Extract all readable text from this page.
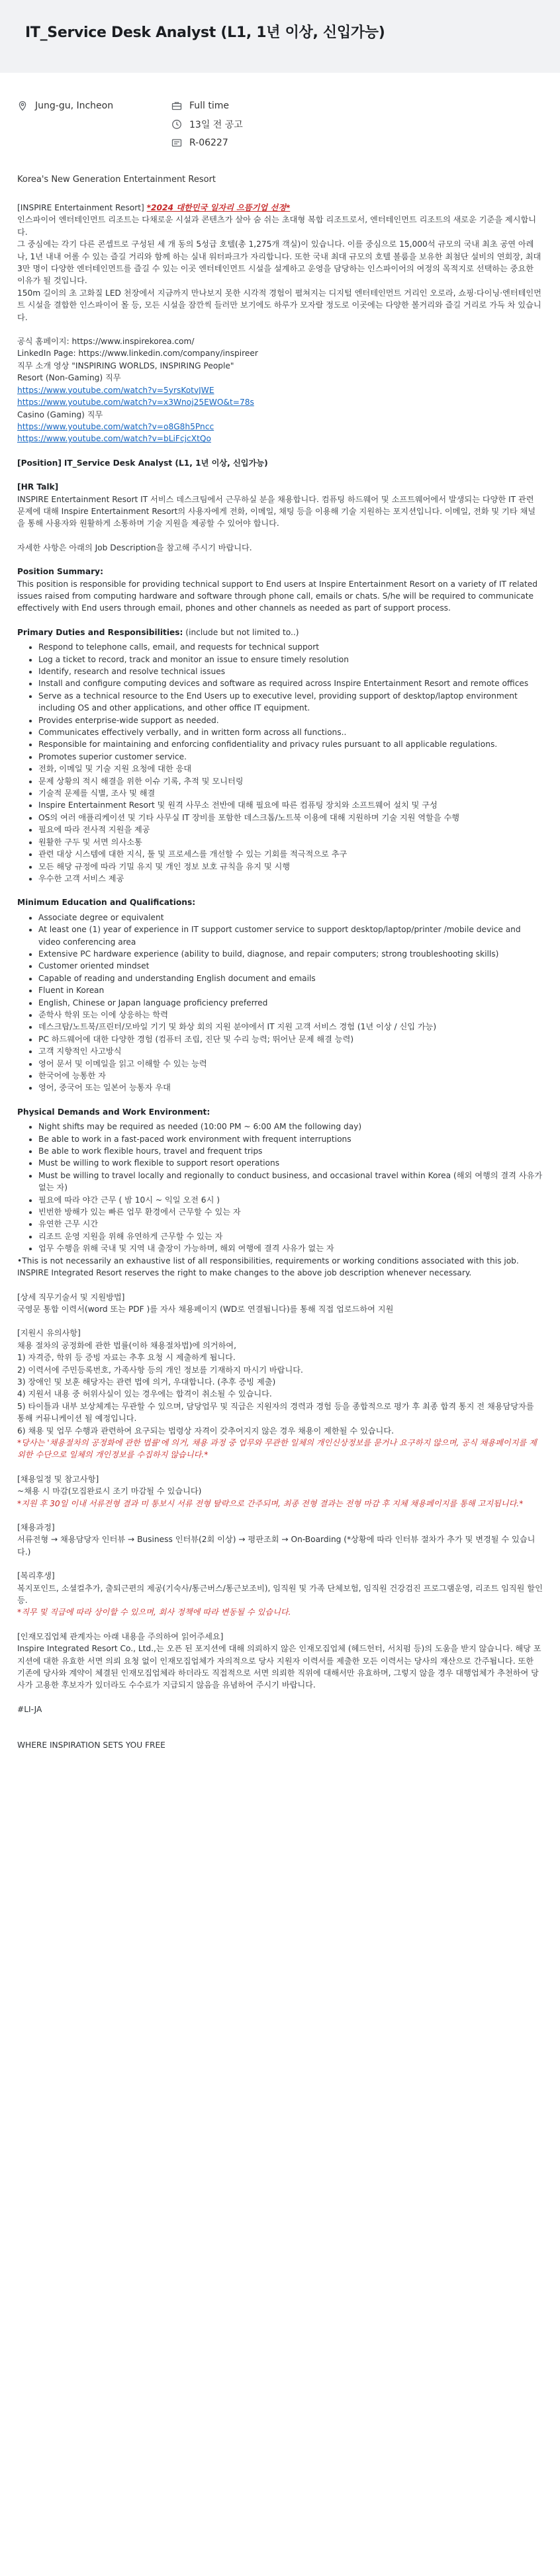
IT_Service Desk Analyst (L1, 1년 이상, 신입가능)
Jung-gu, Incheon	Full time
13일 전 공고
R-06227
Korea's New Generation Entertainment Resort

[INSPIRE Entertainment Resort] *2024 대한민국 일자리 으뜸기업 선정*

인스파이어 엔터테인먼트 리조트는 다채로운 시설과 콘텐츠가 살아 숨 쉬는 초대형 복합 리조트로서, 엔터테인먼트 리조트의 새로운 기준을 제시합니다.

그 중심에는 각기 다른 콘셉트로 구성된 세 개 동의 5성급 호텔(총 1,275개 객실)이 있습니다. 이를 중심으로 15,000석 규모의 국내 최초 공연 아레나, 1년 내내 어롤 수 있는 즐길 거리와 함께 하는 실내 워터파크가 자리합니다. 또한 국내 최대 규모의 호텔 볼룸을 보유한 최첨단 설비의 연회장, 최대 3만 명이 다양한 엔터테인먼트를 즐길 수 있는 이곳 엔터테인먼트 시설을 설계하고 운영을 담당하는 인스파이어의 여정의 목적지로 선택하는 중요한 이유가 될 것입니다.

150m 길이의 초 고화질 LED 천장에서 지금까지 만나보지 못한 시각적 경험이 펼쳐지는 디지털 엔터테인먼트 거리인 오로라, 쇼핑·다이닝·엔터테인먼트 시설을 결합한 인스파이어 몰 등, 모든 시설을 잠깐씩 들러만 보기에도 하루가 모자랄 정도로 이곳에는 다양한 볼거리와 즐길 거리로 가득 차 있습니다.

공식 홈페이지: https://www.inspirekorea.com/

LinkedIn Page: https://www.linkedin.com/company/inspireer

직무 소개 영상 "INSPIRING WORLDS, INSPIRING People"

Resort (Non-Gaming) 직무

https://www.youtube.com/watch?v=5yrsKotvJWE

https://www.youtube.com/watch?v=x3Wnoj25EWO&t=78s

Casino (Gaming) 직무

https://www.youtube.com/watch?v=o8G8h5Pncc

https://www.youtube.com/watch?v=bLiFcjcXtQo

[Position] IT_Service Desk Analyst (L1, 1년 이상, 신입가능)

[HR Talk]

INSPIRE Entertainment Resort IT 서비스 데스크팀에서 근무하실 분을 채용합니다. 컴퓨팅 하드웨어 및 소프트웨어에서 발생되는 다양한 IT 관련 문제에 대해 Inspire Entertainment Resort의 사용자에게 전화, 이메일, 채팅 등을 이용해 기술 지원하는 포지션입니다. 이메일, 전화 및 기타 채널을 통해 사용자와 원활하게 소통하며 기술 지원을 제공할 수 있어야 합니다.

자세한 사항은 아래의 Job Description을 참고해 주시기 바랍니다.

Position Summary:

This position is responsible for providing technical support to End users at Inspire Entertainment Resort on a variety of IT related issues raised from computing hardware and software through phone call, emails or chats. S/he will be required to communicate effectively with End users through email, phones and other channels as needed as part of support process.

Primary Duties and Responsibilities: (include but not limited to..)

• Respond to telephone calls, email, and requests for technical support
• Log a ticket to record, track and monitor an issue to ensure timely resolution
• Identify, research and resolve technical issues
• Install and configure computing devices and software as required across Inspire Entertainment Resort and remote offices
• Serve as a technical resource to the End Users up to executive level, providing support of desktop/laptop environment including OS and other applications, and other office IT equipment.
• Provides enterprise-wide support as needed.
• Communicates effectively verbally, and in written form across all functions..
• Responsible for maintaining and enforcing confidentiality and privacy rules pursuant to all applicable regulations.
• Promotes superior customer service.
• 전화, 이메일 및 기술 지원 요청에 대한 응대
• 문제 상황의 적시 해결을 위한 이슈 기록, 추적 및 모니터링
• 기술적 문제를 식별, 조사 및 해결
• Inspire Entertainment Resort 및 원격 사무소 전반에 대해 필요에 따른 컴퓨팅 장치와 소프트웨어 설치 및 구성
• OS의 여러 애플리케이션 및 기타 사무실 IT 장비를 포함한 데스크톱/노트북 이용에 대해 지원하며 기술 지원 역할을 수행
• 필요에 따라 전사적 지원을 제공
• 원활한 구두 및 서면 의사소통
• 관련 대상 시스템에 대한 지식, 툴 및 프로세스를 개선할 수 있는 기회를 적극적으로 추구
• 모든 해당 규정에 따라 기밀 유지 및 개인 정보 보호 규칙을 유지 및 시행
• 우수한 고객 서비스 제공

Minimum Education and Qualifications:

• Associate degree or equivalent
• At least one (1) year of experience in IT support customer service to support desktop/laptop/printer /mobile device and video conferencing area
• Extensive PC hardware experience (ability to build, diagnose, and repair computers; strong troubleshooting skills)
• Customer oriented mindset
• Capable of reading and understanding English document and emails
• Fluent in Korean
• English, Chinese or Japan language proficiency preferred
• 준학사 학위 또는 이에 상응하는 학력
• 데스크탑/노트북/프린터/모바일 기기 및 화상 회의 지원 분야에서 IT 지원 고객 서비스 경험 (1년 이상 / 신입 가능)
• PC 하드웨어에 대한 다양한 경험 (컴퓨터 조립, 진단 및 수리 능력; 뛰어난 문제 해결 능력)
• 고객 지향적인 사고방식
• 영어 문서 및 이메일을 읽고 이해할 수 있는 능력
• 한국어에 능통한 자
• 영어, 중국어 또는 일본어 능통자 우대

Physical Demands and Work Environment:

• Night shifts may be required as needed (10:00 PM ~ 6:00 AM the following day)
• Be able to work in a fast-paced work environment with frequent interruptions
• Be able to work flexible hours, travel and frequent trips
• Must be willing to work flexible to support resort operations
• Must be willing to travel locally and regionally to conduct business, and occasional travel within Korea (해외 여행의 결격 사유가 없는 자)
• 필요에 따라 야간 근무 ( 밤 10시 ~ 익일 오전 6시 )
• 빈번한 방해가 있는 빠른 업무 환경에서 근무할 수 있는 자
• 유연한 근무 시간
• 리조트 운영 지원을 위해 유연하게 근무할 수 있는 자
• 업무 수행을 위해 국내 및 지역 내 출장이 가능하며, 해외 여행에 결격 사유가 없는 자

•This is not necessarily an exhaustive list of all responsibilities, requirements or working conditions associated with this job. INSPIRE Integrated Resort reserves the right to make changes to the above job description whenever necessary.

[상세 직무기술서 및 지원방법]

국영문 통합 이력서(word 또는 PDF )를 자사 채용페이지 (WD로 연결됩니다)를 통해 직접 업로드하여 지원

[지원시 유의사항]

채용 절차의 공정화에 관한 법률(이하 채용절차법)에 의거하여,

1) 자격증, 학위 등 증빙 자료는 추후 요청 시 제출하게 됩니다.

2) 이력서에 주민등록번호, 가족사항 등의 개인 정보를 기재하지 마시기 바랍니다.

3) 장애인 및 보훈 해당자는 관련 법에 의거, 우대합니다. (추후 증빙 제출)

4) 지원서 내용 중 허위사실이 있는 경우에는 합격이 취소될 수 있습니다.

5) 타이틀과 내부 보상체계는 무관할 수 있으며, 담당업무 및 직급은 지원자의 경력과 경험 등을 종합적으로 평가 후 최종 합격 통지 전 채용담당자를 통해 커뮤니케이션 될 예정입니다.

6) 채용 및 업무 수행과 관련하여 요구되는 법령상 자격이 갖추어지지 않은 경우 채용이 제한될 수 있습니다.

*당사는 '채용절차의 공정화에 관한 법률'에 의거, 채용 과정 중 업무와 무관한 일체의 개인신상정보를 묻거나 요구하지 않으며, 공식 채용페이지를 제외한 수단으로 일체의 개인정보를 수집하지 않습니다.*

[채용일정 및 참고사항]

~채용 시 마감(모집완료시 조기 마감될 수 있습니다)

*지원 후 30일 이내 서류전형 결과 미 통보시 서류 전형 탈락으로 간주되며, 최종 전형 결과는 전형 마감 후 지체 채용페이지를 통해 고지됩니다.*

[채용과정]

서류전형 → 채용담당자 인터뷰 → Business 인터뷰(2회 이상) → 평판조회 → On-Boarding (*상황에 따라 인터뷰 절차가 추가 및 변경될 수 있습니다.)

[복리후생]

복지포인트, 소셜컬추가, 출퇴근편의 제공(기숙사/통근버스/통근보조비), 임직원 및 가족 단체보험, 임직원 건강검진 프로그램운영, 리조트 임직원 할인 등.

*직무 및 직급에 따라 상이할 수 있으며, 회사 정책에 따라 변동될 수 있습니다.

[인재모집업체 관계자는 아래 내용을 주의하여 읽어주세요]

Inspire Integrated Resort Co., Ltd.,는 오픈 된 포지션에 대해 의뢰하지 않은 인재모집업체 (헤드헌터, 서치펌 등)의 도움을 받지 않습니다. 해당 포지션에 대한 유효한 서면 의뢰 요청 없이 인재모집업체가 자의적으로 당사 지원자 이력서를 제출한 모든 이력서는 당사의 재산으로 간주됩니다. 또한 기존에 당사와 계약이 체결된 인재모집업체라 하더라도 직접적으로 서면 의뢰한 직위에 대해서만 유효하며, 그렇지 않을 경우 대행업체가 추천하여 당사가 고용한 후보자가 있더라도 수수료가 지급되지 않음을 유념하여 주시기 바랍니다.

#LI-JA

WHERE INSPIRATION SETS YOU FREE
